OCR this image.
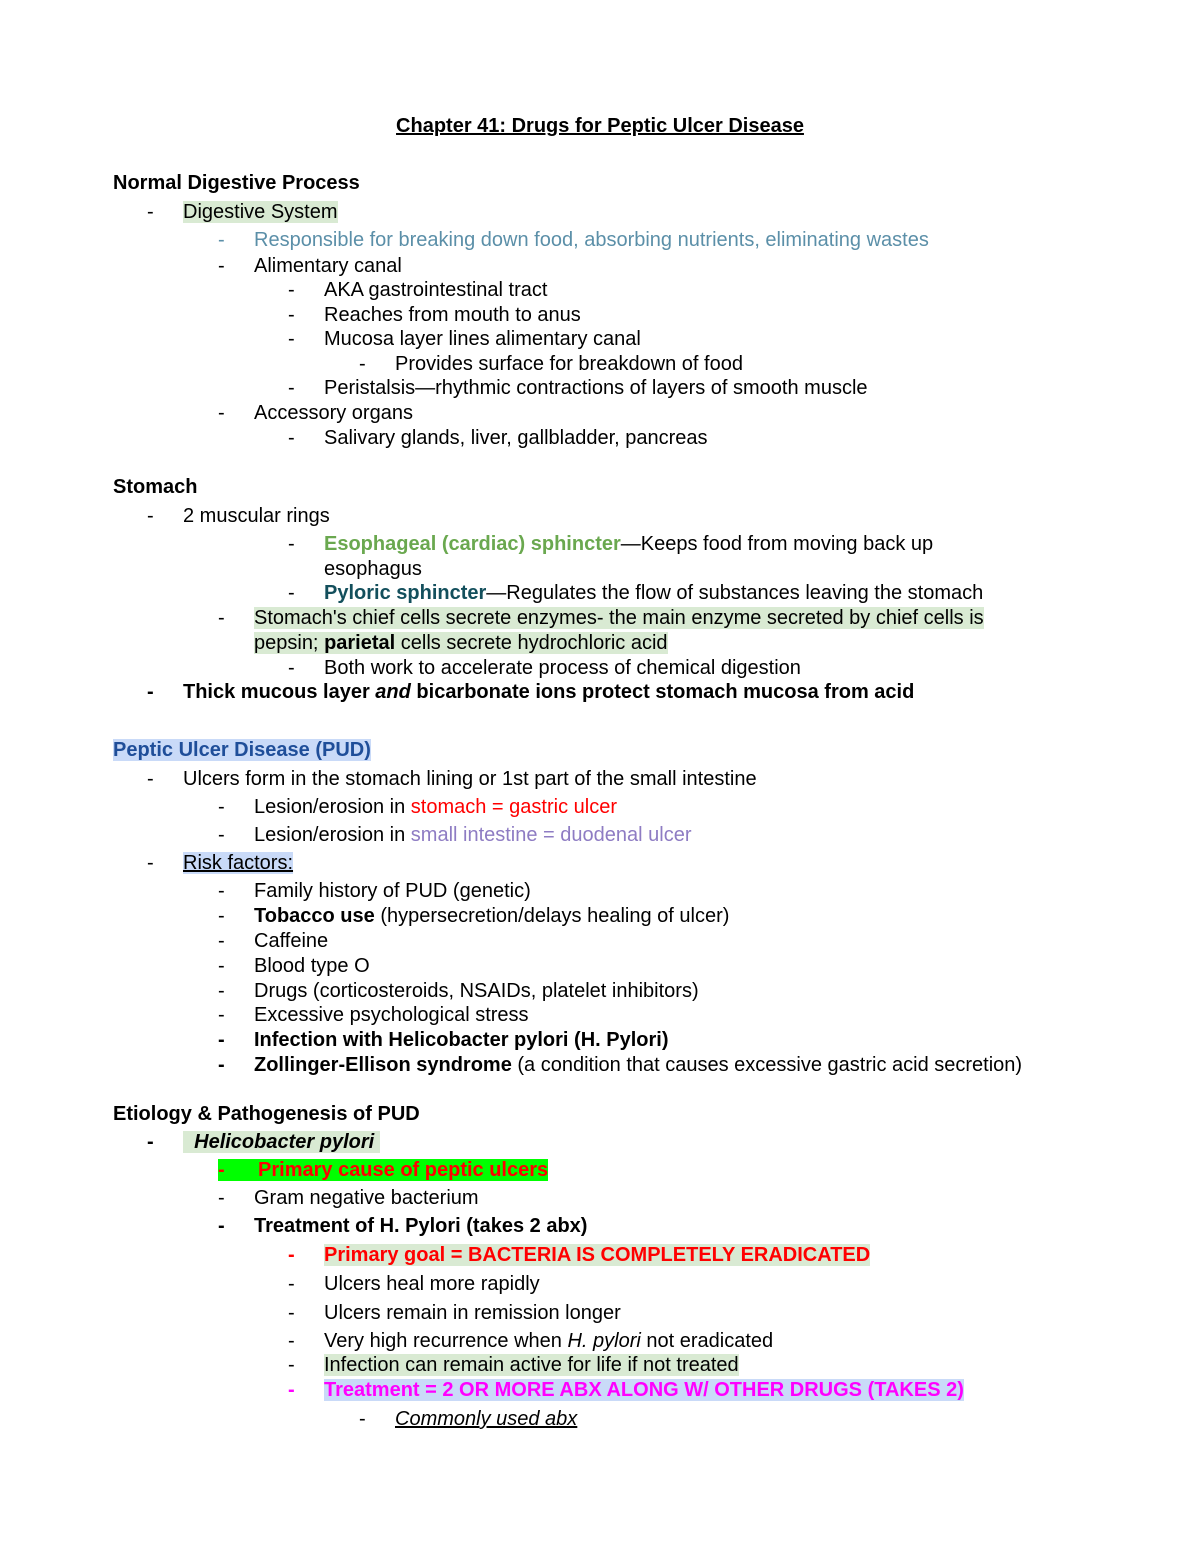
Chapter 41: Drugs for Peptic Ulcer Disease
Normal Digestive Process
- Digestive System
- Responsible for breaking down food, absorbing nutrients, eliminating wastes
- Alimentary canal
- AKA gastrointestinal tract
- Reaches from mouth to anus
- Mucosa layer lines alimentary canal
- Provides surface for breakdown of food
- Peristalsis—rhythmic contractions of layers of smooth muscle
- Accessory organs
- Salivary glands, liver, gallbladder, pancreas
Stomach
- 2 muscular rings
- Esophageal (cardiac) sphincter—Keeps food from moving back up
esophagus
- Pyloric sphincter—Regulates the flow of substances leaving the stomach
- Stomach's chief cells secrete enzymes- the main enzyme secreted by chief cells is
pepsin; parietal cells secrete hydrochloric acid
- Both work to accelerate process of chemical digestion
- Thick mucous layer and bicarbonate ions protect stomach mucosa from acid
Peptic Ulcer Disease (PUD)
- Ulcers form in the stomach lining or 1st part of the small intestine
- Lesion/erosion in stomach = gastric ulcer
- Lesion/erosion in small intestine = duodenal ulcer
- Risk factors:
- Family history of PUD (genetic)
- Tobacco use (hypersecretion/delays healing of ulcer)
- Caffeine
- Blood type O
- Drugs (corticosteroids, NSAIDs, platelet inhibitors)
- Excessive psychological stress
- Infection with Helicobacter pylori (H. Pylori)
- Zollinger-Ellison syndrome (a condition that causes excessive gastric acid secretion)
Etiology & Pathogenesis of PUD
-	Helicobacter pylori
- Primary cause of peptic ulcers
- Gram negative bacterium
- Treatment of H. Pylori (takes 2 abx)
- Primary goal = BACTERIA IS COMPLETELY ERADICATED
- Ulcers heal more rapidly
- Ulcers remain in remission longer
- Very high recurrence when H. pylori not eradicated
- Infection can remain active for life if not treated
- Treatment = 2 OR MORE ABX ALONG W/ OTHER DRUGS (TAKES 2)
- Commonly used abx
